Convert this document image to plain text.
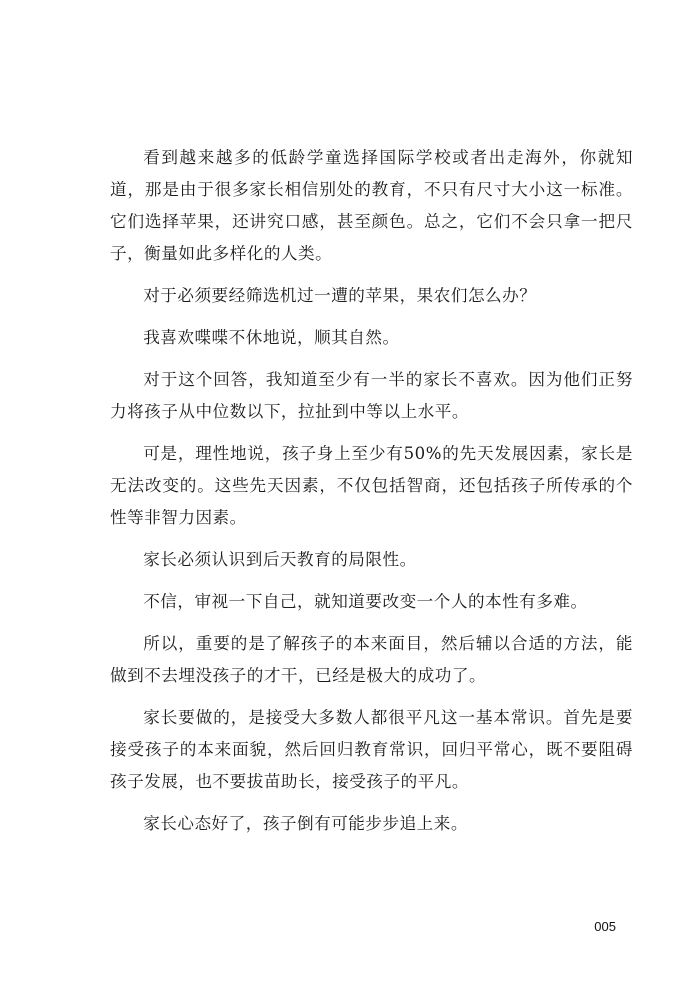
看到越来越多的低龄学童选择国际学校或者出走海外，你就知道，那是由于很多家长相信别处的教育，不只有尺寸大小这一标准。它们选择苹果，还讲究口感，甚至颜色。总之，它们不会只拿一把尺子，衡量如此多样化的人类。

对于必须要经筛选机过一遭的苹果，果农们怎么办？

我喜欢喋喋不休地说，顺其自然。

对于这个回答，我知道至少有一半的家长不喜欢。因为他们正努力将孩子从中位数以下，拉扯到中等以上水平。

可是，理性地说，孩子身上至少有50%的先天发展因素，家长是无法改变的。这些先天因素，不仅包括智商，还包括孩子所传承的个性等非智力因素。

家长必须认识到后天教育的局限性。

不信，审视一下自己，就知道要改变一个人的本性有多难。

所以，重要的是了解孩子的本来面目，然后辅以合适的方法，能做到不去埋没孩子的才干，已经是极大的成功了。

家长要做的，是接受大多数人都很平凡这一基本常识。首先是要接受孩子的本来面貌，然后回归教育常识，回归平常心，既不要阻碍孩子发展，也不要拔苗助长，接受孩子的平凡。

家长心态好了，孩子倒有可能步步追上来。

005
